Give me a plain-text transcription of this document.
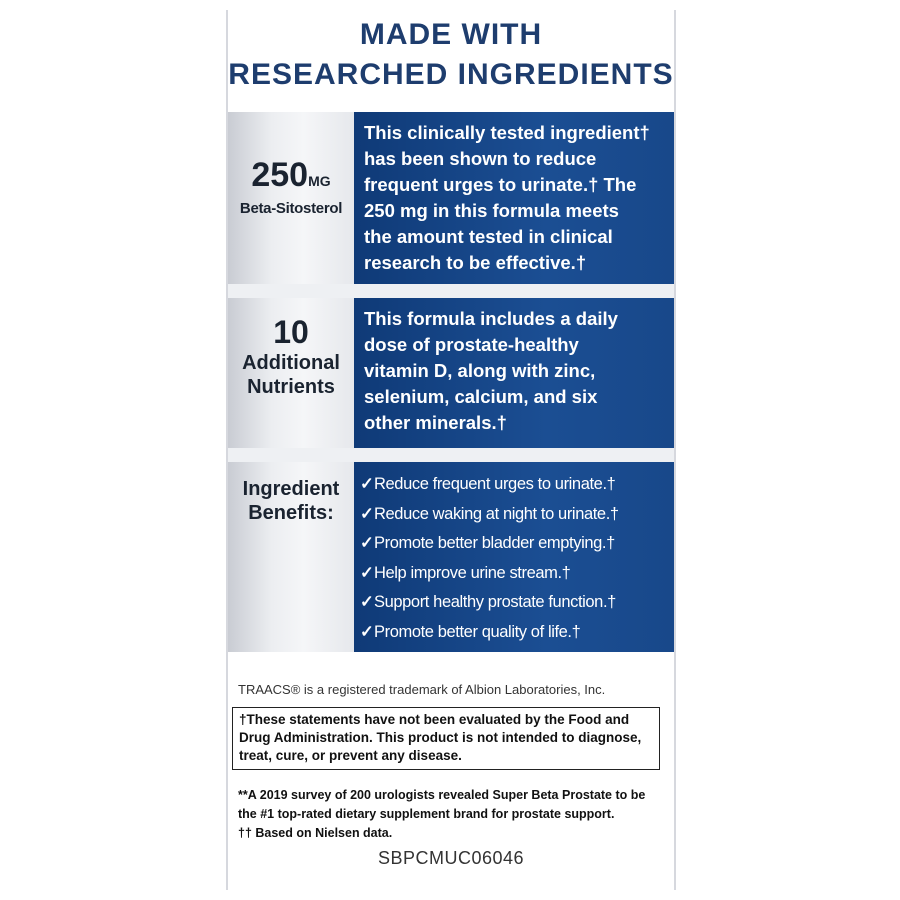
MADE WITH
RESEARCHED INGREDIENTS
250MG
Beta-Sitosterol
This clinically tested ingredient†
has been shown to reduce
frequent urges to urinate.† The
250 mg in this formula meets
the amount tested in clinical
research to be effective.†
10
Additional
Nutrients
This formula includes a daily
dose of prostate-healthy
vitamin D, along with zinc,
selenium, calcium, and six
other minerals.†
Ingredient
Benefits:
✓Reduce frequent urges to urinate.†
✓Reduce waking at night to urinate.†
✓Promote better bladder emptying.†
✓Help improve urine stream.†
✓Support healthy prostate function.†
✓Promote better quality of life.†
TRAACS® is a registered trademark of Albion Laboratories, Inc.
†These statements have not been evaluated by the Food and Drug Administration. This product is not intended to diagnose, treat, cure, or prevent any disease.
**A 2019 survey of 200 urologists revealed Super Beta Prostate to be
the #1 top-rated dietary supplement brand for prostate support.
†† Based on Nielsen data.
SBPCMUC06046
